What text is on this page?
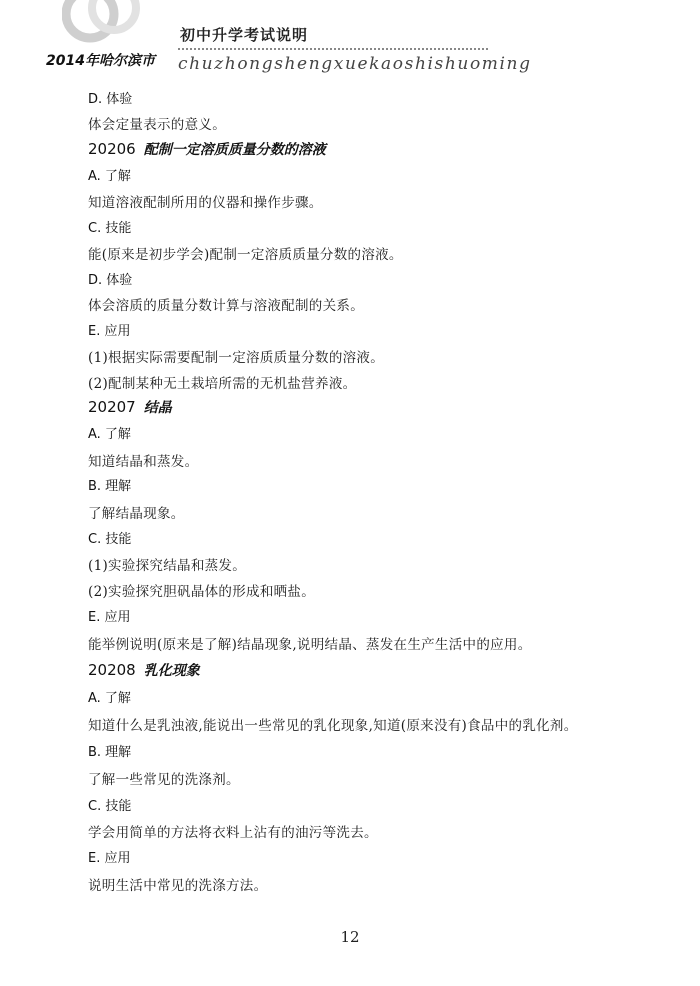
初中升学考试说明
2014年哈尔滨市 chuzhongshengxuekaoshishuoming
D. 体验
体会定量表示的意义。
20206 配制一定溶质质量分数的溶液
A. 了解
知道溶液配制所用的仪器和操作步骤。
C. 技能
能(原来是初步学会)配制一定溶质质量分数的溶液。
D. 体验
体会溶质的质量分数计算与溶液配制的关系。
E. 应用
(1)根据实际需要配制一定溶质质量分数的溶液。
(2)配制某种无土栽培所需的无机盐营养液。
20207 结晶
A. 了解
知道结晶和蒸发。
B. 理解
了解结晶现象。
C. 技能
(1)实验探究结晶和蒸发。
(2)实验探究胆矾晶体的形成和晒盐。
E. 应用
能举例说明(原来是了解)结晶现象,说明结晶、蒸发在生产生活中的应用。
20208 乳化现象
A. 了解
知道什么是乳浊液,能说出一些常见的乳化现象,知道(原来没有)食品中的乳化剂。
B. 理解
了解一些常见的洗涤剂。
C. 技能
学会用简单的方法将衣料上沾有的油污等洗去。
E. 应用
说明生活中常见的洗涤方法。
12
